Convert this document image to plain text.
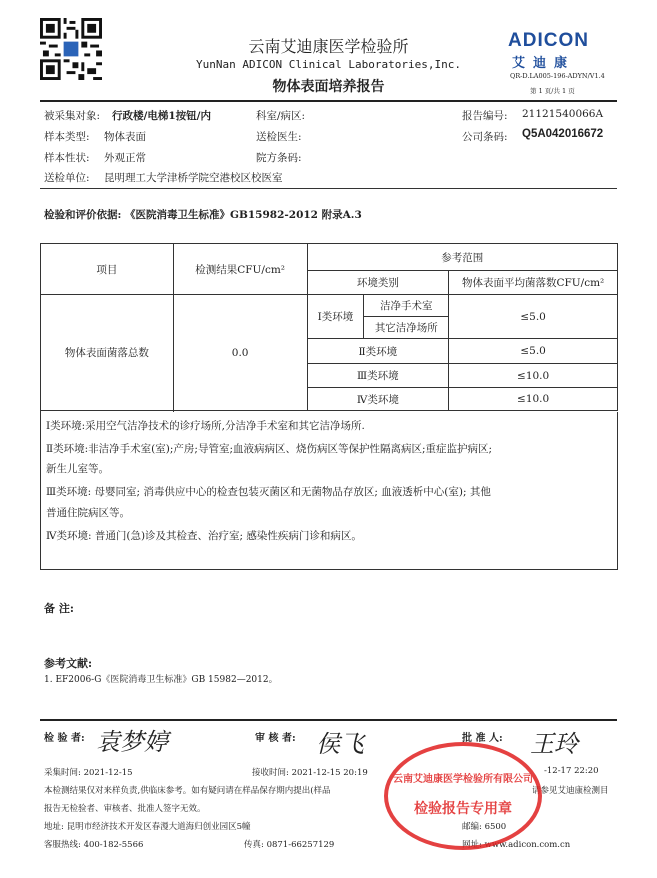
云南艾迪康医学检验所
YunNan ADICON Clinical Laboratories,Inc.
物体表面培养报告
ADICON
艾迪康
QR-D.LA005-196-ADYN/V1.4
第 1 页/共 1 页
被采集对象: 行政楼/电梯1按钮/内	科室/病区:	报告编号: 21121540066A
样本类型: 物体表面	送检医生:	公司条码: Q5A042016672
样本性状: 外观正常	院方条码:
送检单位: 昆明理工大学津桥学院空港校区校医室
检验和评价依据: 《医院消毒卫生标准》GB15982-2012 附录A.3
项目	检测结果CFU/cm²	参考范围		
		环境类别		物体表面平均菌落数CFU/cm²
物体表面菌落总数	0.0	Ⅰ类环境	洁净手术室	≤5.0
			其它洁净场所	
		Ⅱ类环境		≤5.0
		Ⅲ类环境		≤10.0
		Ⅳ类环境		≤10.0

Ⅰ类环境:采用空气洁净技术的诊疗场所,分洁净手术室和其它洁净场所.
Ⅱ类环境:非洁净手术室(室);产房;导管室;血液病病区、烧伤病区等保护性隔离病区;重症监护病区;
新生儿室等。
Ⅲ类环境: 母婴同室; 消毒供应中心的检查包装灭菌区和无菌物品存放区; 血液透析中心(室); 其他
普通住院病区等。
Ⅳ类环境: 普通门(急)诊及其检查、治疗室; 感染性疾病门诊和病区。
备 注:
参考文献:
1. EF2006-G《医院消毒卫生标准》GB 15982—2012。
检 验 者: 袁梦婷	审 核 者: 侯飞	批 准 人: 王玲
采集时间: 2021-12-15	接收时间: 2021-12-15 20:19	-12-17 22:20
本检测结果仅对来样负责,供临床参考。如有疑问请在样品保存期内提出(样品	请参见艾迪康检测目
报告无检验者、审核者、批准人签字无效。
地址: 昆明市经济技术开发区春漫大道海归创业园区5幢	邮编: 6500
客服热线: 400-182-5566	传真: 0871-66257129	网址: www.adicon.com.cn
云南艾迪康医学检验所有限公司
检验报告专用章
